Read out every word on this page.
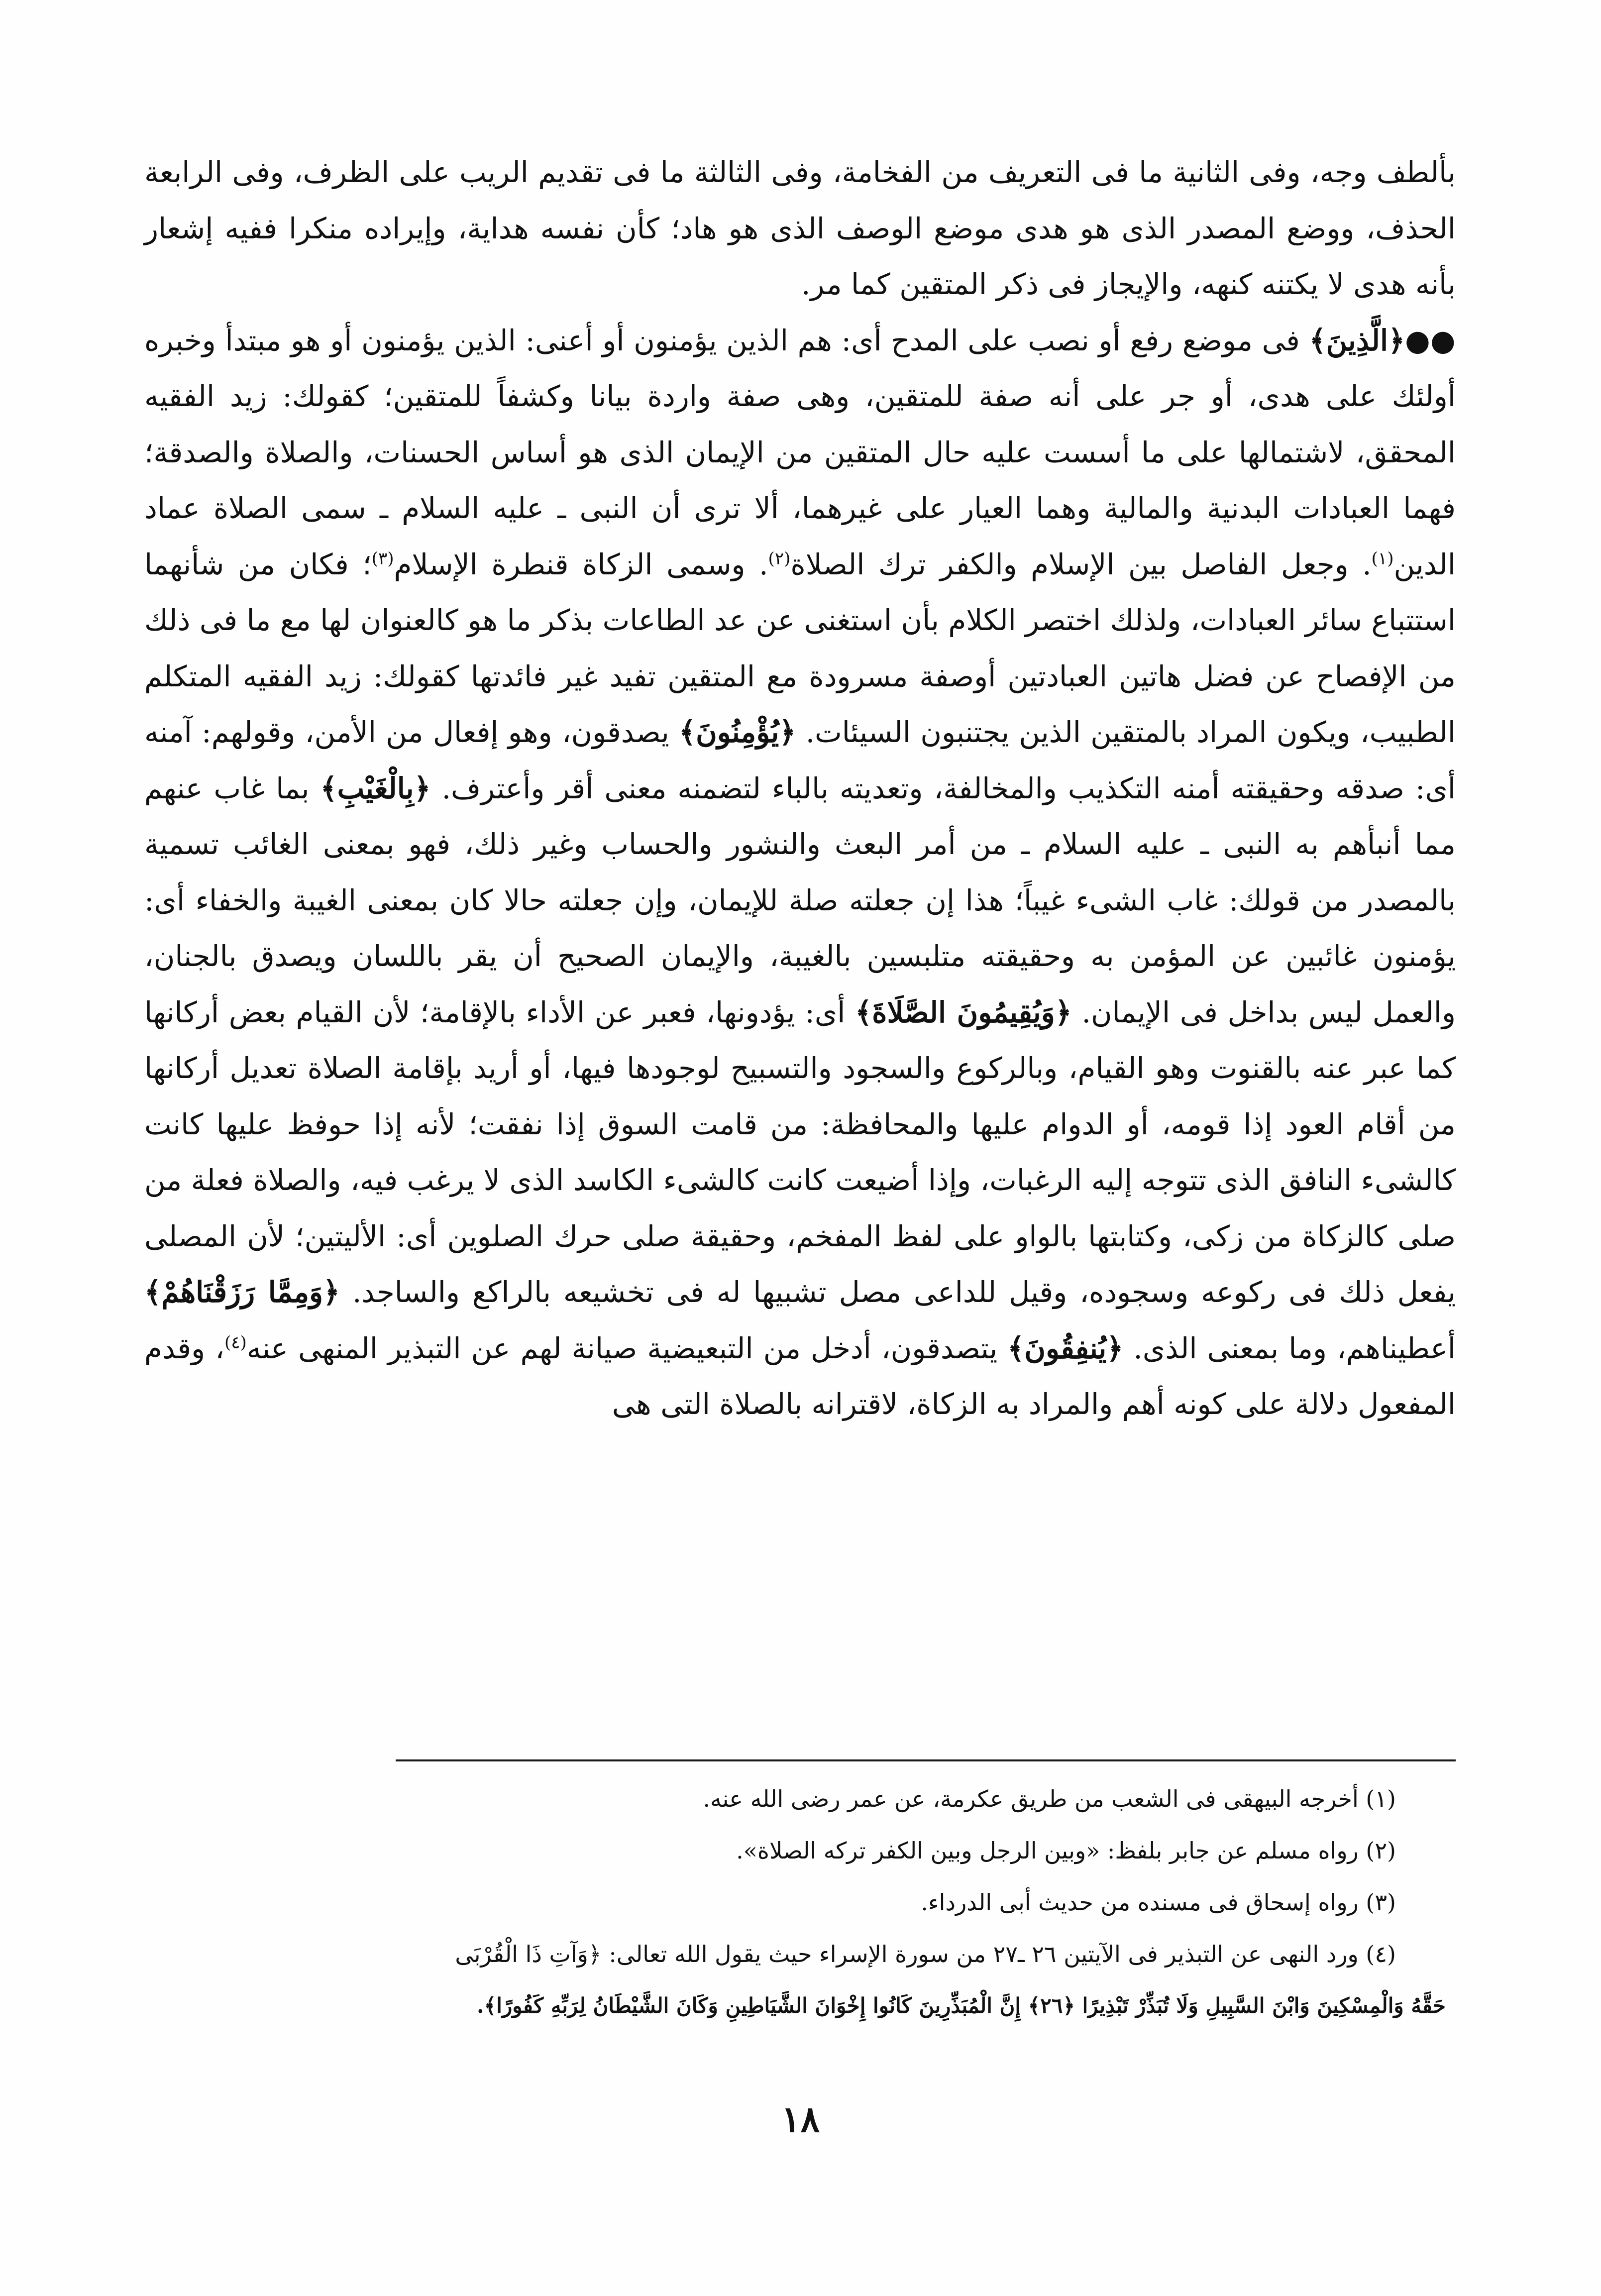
بألطف وجه، وفى الثانية ما فى التعريف من الفخامة، وفى الثالثة ما فى تقديم الريب على الظرف، وفى الرابعة الحذف، ووضع المصدر الذى هو هدى موضع الوصف الذى هو هاد؛ كأن نفسه هداية، وإيراده منكرا ففيه إشعار بأنه هدى لا يكتنه كنهه، والإيجاز فى ذكر المتقين كما مر.

●●﴿الَّذِينَ﴾ فى موضع رفع أو نصب على المدح أى: هم الذين يؤمنون أو أعنى: الذين يؤمنون أو هو مبتدأ وخبره أولئك على هدى، أو جر على أنه صفة للمتقين، وهى صفة واردة بيانا وكشفاً للمتقين؛ كقولك: زيد الفقيه المحقق، لاشتمالها على ما أسست عليه حال المتقين من الإيمان الذى هو أساس الحسنات، والصلاة والصدقة؛ فهما العبادات البدنية والمالية وهما العيار على غيرهما، ألا ترى أن النبى ـ عليه السلام ـ سمى الصلاة عماد الدين$^{(١)}$. وجعل الفاصل بين الإسلام والكفر ترك الصلاة$^{(٢)}$. وسمى الزكاة قنطرة الإسلام$^{(٣)}$؛ فكان من شأنهما استتباع سائر العبادات، ولذلك اختصر الكلام بأن استغنى عن عد الطاعات بذكر ما هو كالعنوان لها مع ما فى ذلك من الإفصاح عن فضل هاتين العبادتين أوصفة مسرودة مع المتقين تفيد غير فائدتها كقولك: زيد الفقيه المتكلم الطبيب، ويكون المراد بالمتقين الذين يجتنبون السيئات. ﴿يُؤْمِنُونَ﴾ يصدقون، وهو إفعال من الأمن، وقولهم: آمنه أى: صدقه وحقيقته أمنه التكذيب والمخالفة، وتعديته بالباء لتضمنه معنى أقر وأعترف. ﴿بِالْغَيْبِ﴾ بما غاب عنهم مما أنبأهم به النبى ـ عليه السلام ـ من أمر البعث والنشور والحساب وغير ذلك، فهو بمعنى الغائب تسمية بالمصدر من قولك: غاب الشىء غيباً؛ هذا إن جعلته صلة للإيمان، وإن جعلته حالا كان بمعنى الغيبة والخفاء أى: يؤمنون غائبين عن المؤمن به وحقيقته متلبسين بالغيبة، والإيمان الصحيح أن يقر باللسان ويصدق بالجنان، والعمل ليس بداخل فى الإيمان. ﴿وَيُقِيمُونَ الصَّلَاةَ﴾ أى: يؤدونها، فعبر عن الأداء بالإقامة؛ لأن القيام بعض أركانها كما عبر عنه بالقنوت وهو القيام، وبالركوع والسجود والتسبيح لوجودها فيها، أو أريد بإقامة الصلاة تعديل أركانها من أقام العود إذا قومه، أو الدوام عليها والمحافظة: من قامت السوق إذا نفقت؛ لأنه إذا حوفظ عليها كانت كالشىء النافق الذى تتوجه إليه الرغبات، وإذا أضيعت كانت كالشىء الكاسد الذى لا يرغب فيه، والصلاة فعلة من صلى كالزكاة من زكى، وكتابتها بالواو على لفظ المفخم، وحقيقة صلى حرك الصلوين أى: الأليتين؛ لأن المصلى يفعل ذلك فى ركوعه وسجوده، وقيل للداعى مصل تشبيها له فى تخشيعه بالراكع والساجد. ﴿وَمِمَّا رَزَقْنَاهُمْ﴾ أعطيناهم، وما بمعنى الذى. ﴿يُنفِقُونَ﴾ يتصدقون، أدخل من التبعيضية صيانة لهم عن التبذير المنهى عنه$^{(٤)}$، وقدم المفعول دلالة على كونه أهم والمراد به الزكاة، لاقترانه بالصلاة التى هى

(١) أخرجه البيهقى فى الشعب من طريق عكرمة، عن عمر رضى الله عنه.

(٢) رواه مسلم عن جابر بلفظ: «وبين الرجل وبين الكفر تركه الصلاة».

(٣) رواه إسحاق فى مسنده من حديث أبى الدرداء.

(٤) ورد النهى عن التبذير فى الآيتين ٢٦ ـ٢٧ من سورة الإسراء حيث يقول الله تعالى: ﴿وَآتِ ذَا الْقُرْبَى

حَقَّهُ وَالْمِسْكِينَ وَابْنَ السَّبِيلِ وَلَا تُبَذِّرْ تَبْذِيرًا ﴿٢٦﴾ إِنَّ الْمُبَذِّرِينَ كَانُوا إِخْوَانَ الشَّيَاطِينِ وَكَانَ الشَّيْطَانُ لِرَبِّهِ كَفُورًا﴾.

١٨
